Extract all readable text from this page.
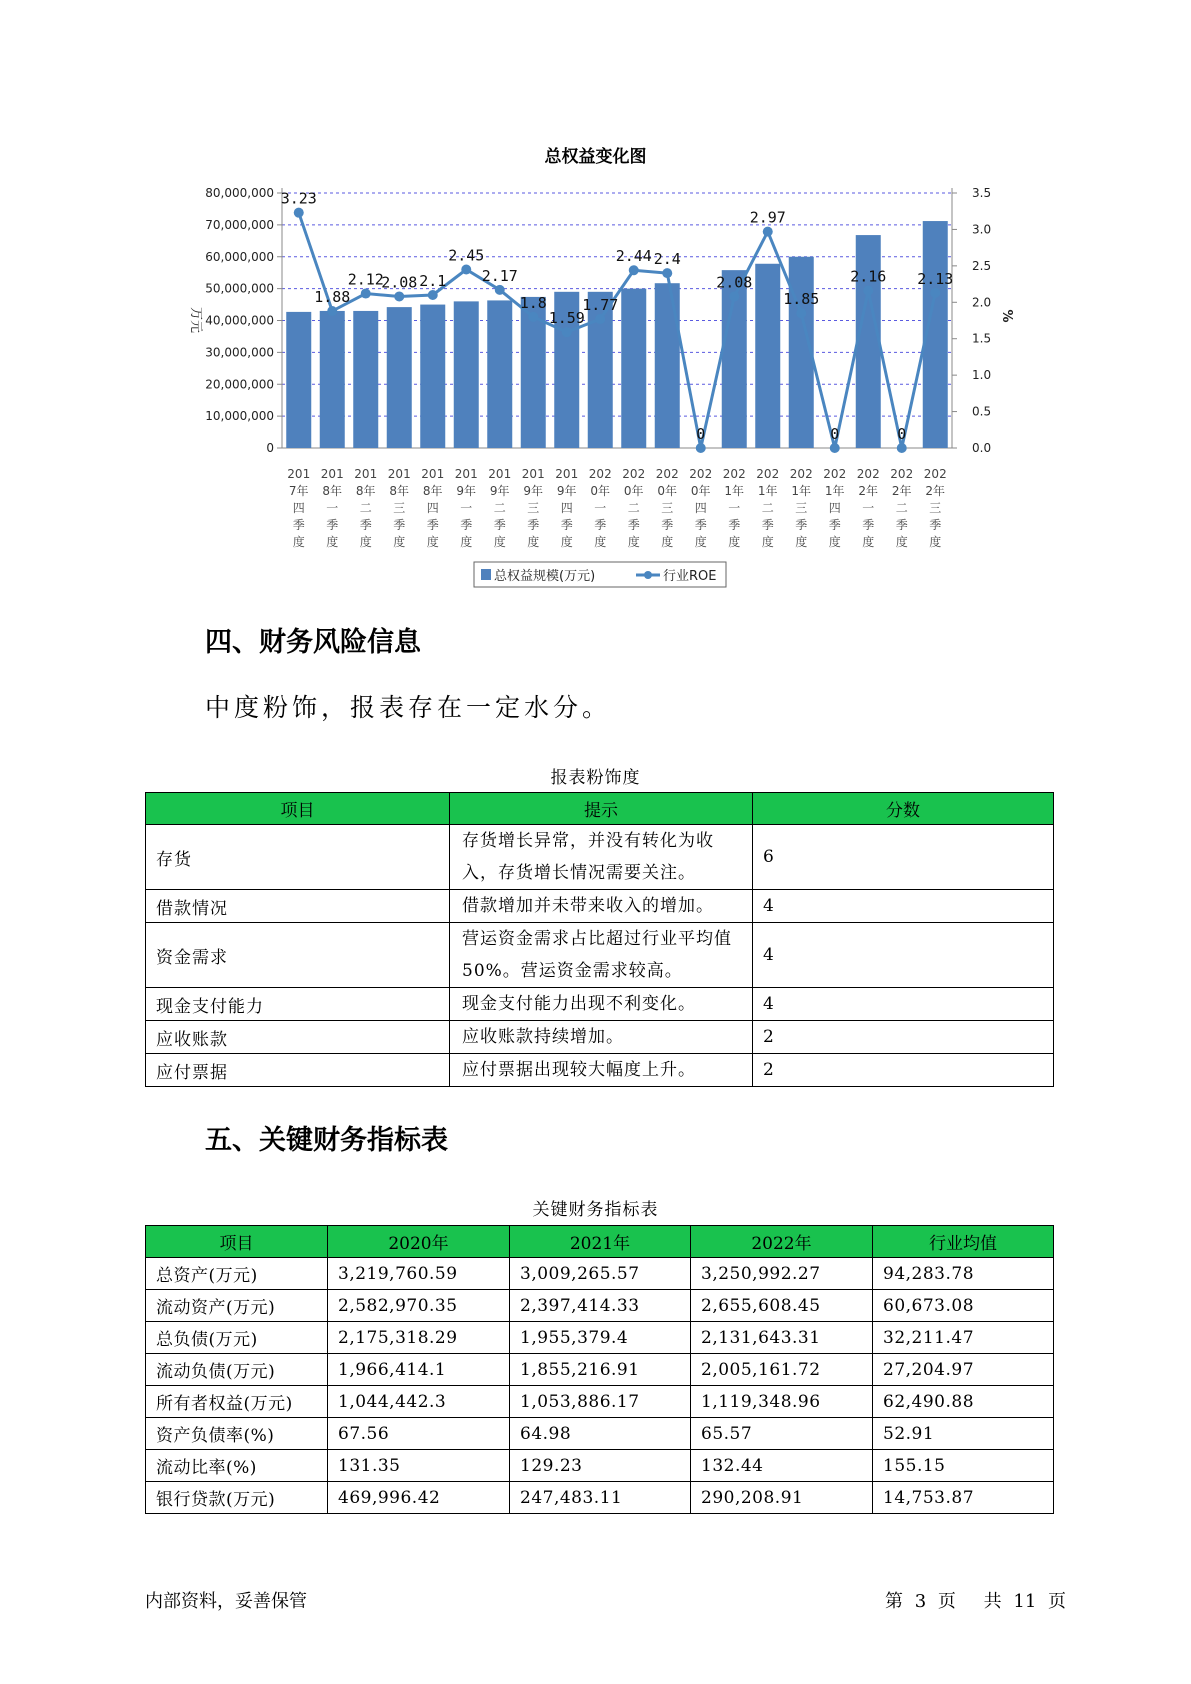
总权益变化图
80,000,000
70,000,000
60,000,000
50,000,000
40,000,000
30,000,000
20,000,000
10,000,000
0
3.5
3.0
2.5
2.0
1.5
1.0
0.5
0.0
万元	%
3.23
1.88
2.12
2.08 2.1
2.45
2.17
1.8
1.59
1.77
2.44 2.4
0
2.08
2.97
1.85
0
2.16
0
2.13
201
7年
四
季
度
201
8年
一
季
度
201
8年
二
季
度
201
8年
三
季
度
201
8年
四
季
度
201
9年
一
季
度
201
9年
二
季
度
201
9年
三
季
度
201
9年
四
季
度
202
0年
一
季
度
202
0年
二
季
度
202
0年
三
季
度
202
0年
四
季
度
202
1年
一
季
度
202
1年
二
季
度
202
1年
三
季
度
202
1年
四
季
度
202
2年
一
季
度
202
2年
二
季
度
202
2年
三
季
度
总权益规模(万元)	行业ROE
四、财务风险信息
中度粉饰，报表存在一定水分。
报表粉饰度
项目	提示	分数
存货	存货增长异常，并没有转化为收入，存货增长情况需要关注。	6
借款情况	借款增加并未带来收入的增加。	4
资金需求	营运资金需求占比超过行业平均值50%。营运资金需求较高。	4
现金支付能力	现金支付能力出现不利变化。	4
应收账款	应收账款持续增加。	2
应付票据	应付票据出现较大幅度上升。	2
五、关键财务指标表
关键财务指标表
项目	2020年	2021年	2022年	行业均值
总资产(万元)	3,219,760.59	3,009,265.57	3,250,992.27	94,283.78
流动资产(万元)	2,582,970.35	2,397,414.33	2,655,608.45	60,673.08
总负债(万元)	2,175,318.29	1,955,379.4	2,131,643.31	32,211.47
流动负债(万元)	1,966,414.1	1,855,216.91	2,005,161.72	27,204.97
所有者权益(万元)	1,044,442.3	1,053,886.17	1,119,348.96	62,490.88
资产负债率(%)	67.56	64.98	65.57	52.91
流动比率(%)	131.35	129.23	132.44	155.15
银行贷款(万元)	469,996.42	247,483.11	290,208.91	14,753.87
内部资料，妥善保管	第 3 页 共 11 页
